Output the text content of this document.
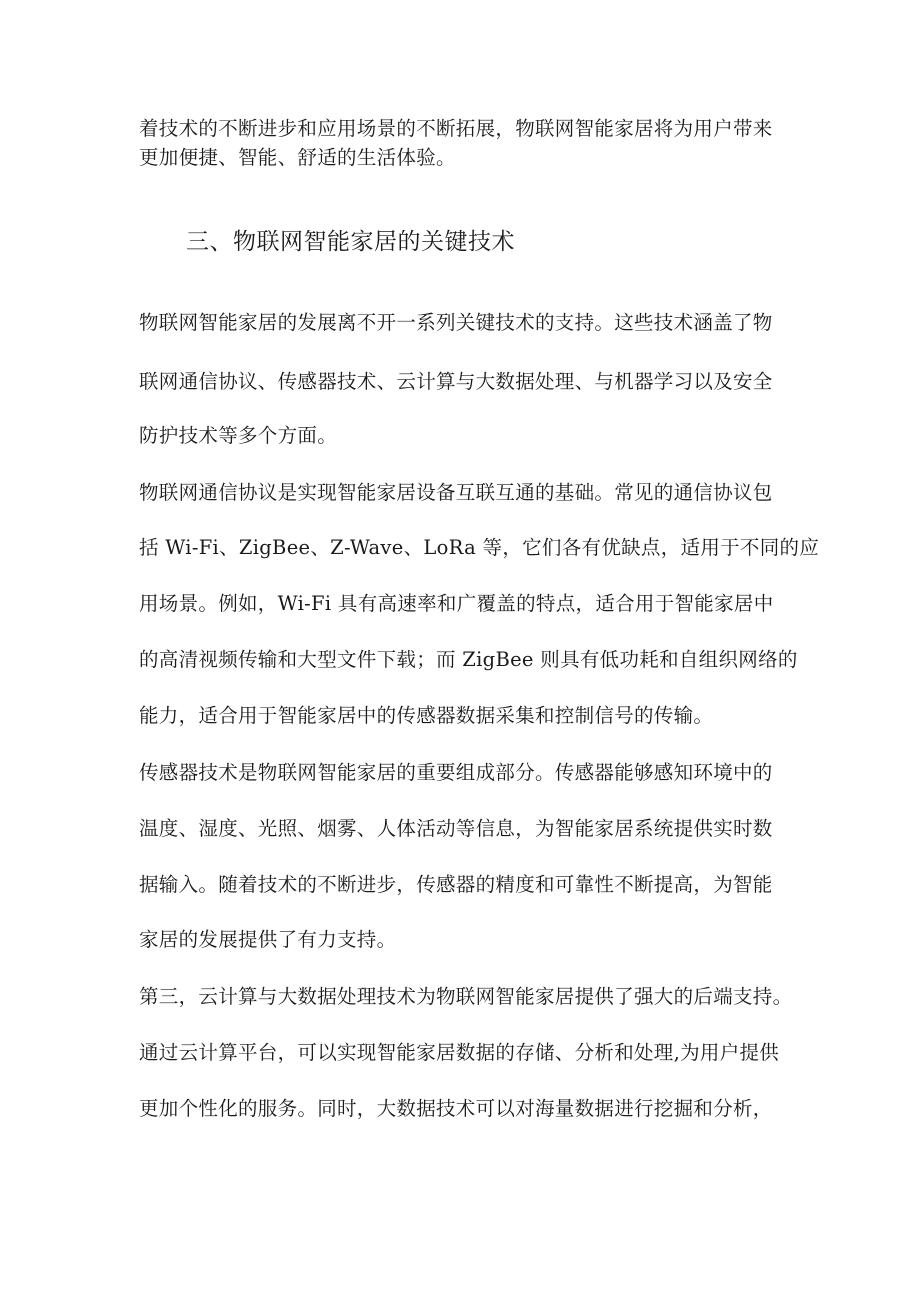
着技术的不断进步和应用场景的不断拓展，物联网智能家居将为用户带来
更加便捷、智能、舒适的生活体验。
三、物联网智能家居的关键技术
物联网智能家居的发展离不开一系列关键技术的支持。这些技术涵盖了物
联网通信协议、传感器技术、云计算与大数据处理、与机器学习以及安全
防护技术等多个方面。
物联网通信协议是实现智能家居设备互联互通的基础。常见的通信协议包
括 Wi-Fi、ZigBee、Z-Wave、LoRa 等，它们各有优缺点，适用于不同的应
用场景。例如，Wi-Fi 具有高速率和广覆盖的特点，适合用于智能家居中
的高清视频传输和大型文件下载；而 ZigBee 则具有低功耗和自组织网络的
能力，适合用于智能家居中的传感器数据采集和控制信号的传输。
传感器技术是物联网智能家居的重要组成部分。传感器能够感知环境中的
温度、湿度、光照、烟雾、人体活动等信息，为智能家居系统提供实时数
据输入。随着技术的不断进步，传感器的精度和可靠性不断提高，为智能
家居的发展提供了有力支持。
第三，云计算与大数据处理技术为物联网智能家居提供了强大的后端支持。
通过云计算平台，可以实现智能家居数据的存储、分析和处理,为用户提供
更加个性化的服务。同时，大数据技术可以对海量数据进行挖掘和分析，
